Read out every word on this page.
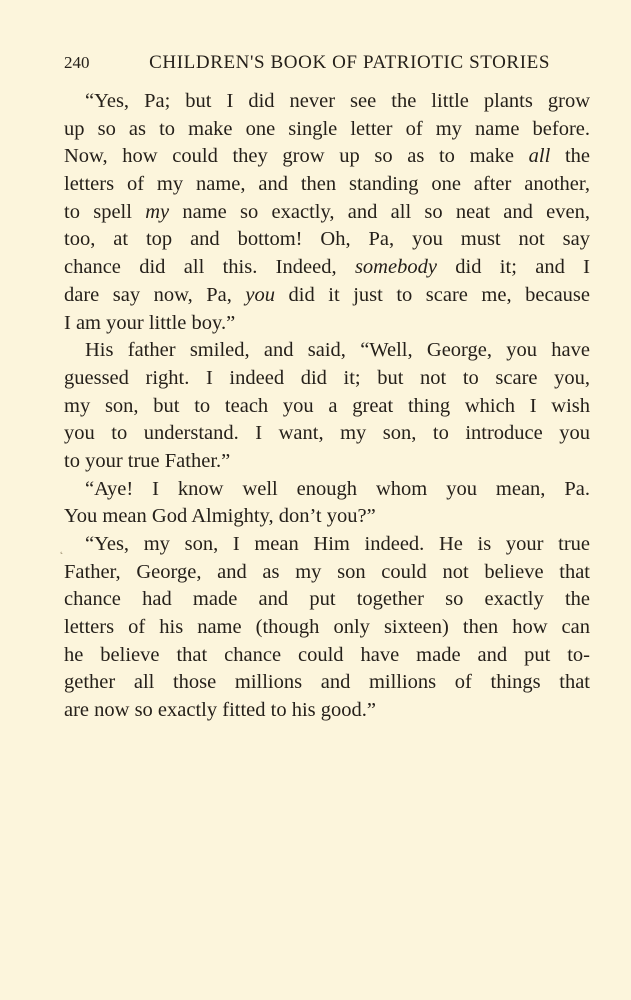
240	CHILDREN'S BOOK OF PATRIOTIC STORIES
“Yes, Pa; but I did never see the little plants grow
up so as to make one single letter of my name before.
Now, how could they grow up so as to make all the
letters of my name, and then standing one after another,
to spell my name so exactly, and all so neat and even,
too, at top and bottom! Oh, Pa, you must not say
chance did all this. Indeed, somebody did it; and I
dare say now, Pa, you did it just to scare me, because
I am your little boy.”
His father smiled, and said, “Well, George, you have
guessed right. I indeed did it; but not to scare you,
my son, but to teach you a great thing which I wish
you to understand. I want, my son, to introduce you
to your true Father.”
“Aye! I know well enough whom you mean, Pa.
You mean God Almighty, don’t you?”
˛ “Yes, my son, I mean Him indeed. He is your true
Father, George, and as my son could not believe that
chance had made and put together so exactly the
letters of his name (though only sixteen) then how can
he believe that chance could have made and put to-
gether all those millions and millions of things that
are now so exactly fitted to his good.”
